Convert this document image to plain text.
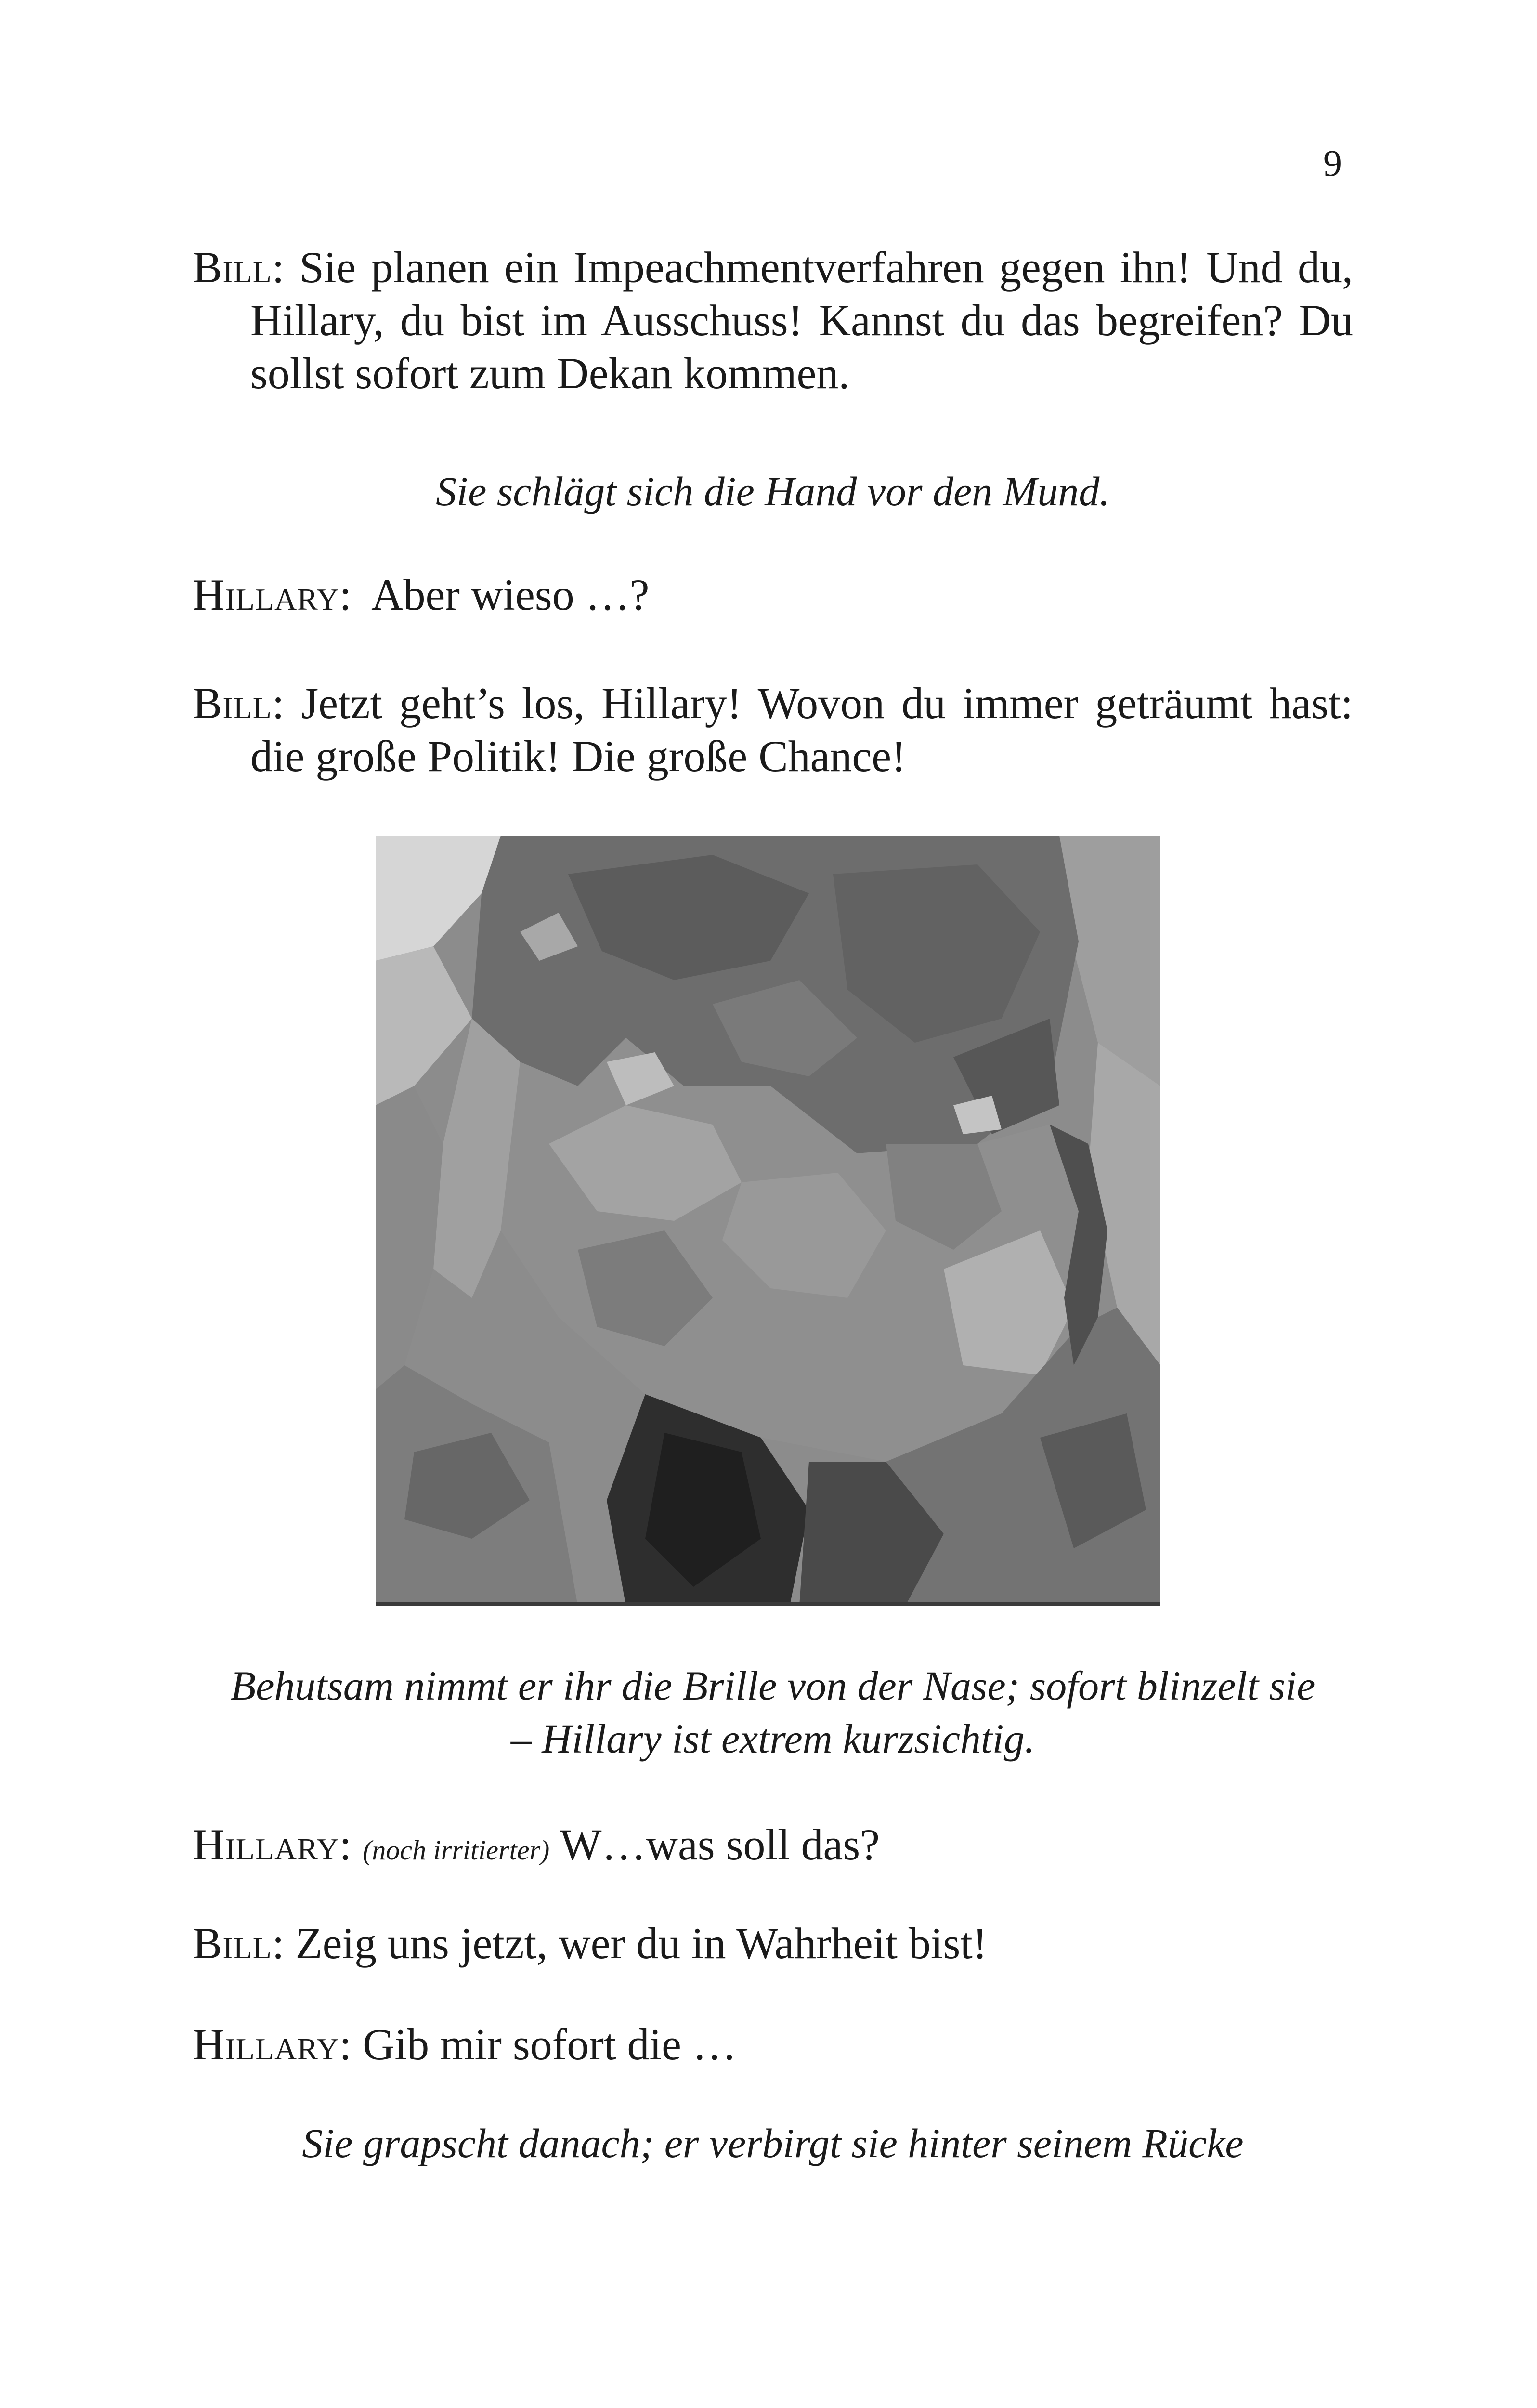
9

Bill: Sie planen ein Impeachmentverfahren gegen ihn! Und du, Hillary, du bist im Ausschuss! Kannst du das begreifen? Du sollst sofort zum Dekan kommen.

Sie schlägt sich die Hand vor den Mund.

Hillary:  Aber wieso …?

Bill: Jetzt geht’s los, Hillary! Wovon du immer geträumt hast: die große Politik! Die große Chance!

Behutsam nimmt er ihr die Brille von der Nase; sofort blinzelt sie
– Hillary ist extrem kurzsichtig.

Hillary: (noch irritierter) W…was soll das?

Bill: Zeig uns jetzt, wer du in Wahrheit bist!

Hillary: Gib mir sofort die …

Sie grapscht danach; er verbirgt sie hinter seinem Rücke
